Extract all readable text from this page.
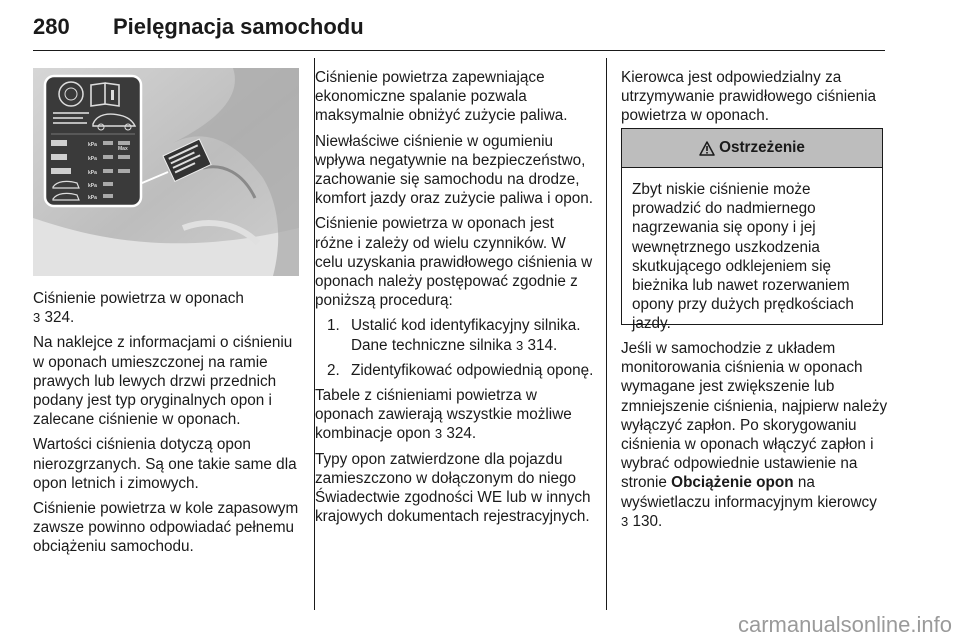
280 Pielęgnacja samochodu
kPa
kPa
kPa
kPa
kPa
Max

Ciśnienie powietrza w oponach
3 324.

Na naklejce z informacjami o ciśnieniu w oponach umieszczonej na ramie prawych lub lewych drzwi przednich podany jest typ oryginalnych opon i zalecane ciśnienie w oponach.

Wartości ciśnienia dotyczą opon nierozgrzanych. Są one takie same dla opon letnich i zimowych.

Ciśnienie powietrza w kole zapasowym zawsze powinno odpowiadać pełnemu obciążeniu samochodu.

Ciśnienie powietrza zapewniające ekonomiczne spalanie pozwala maksymalnie obniżyć zużycie paliwa.

Niewłaściwe ciśnienie w ogumieniu wpływa negatywnie na bezpieczeństwo, zachowanie się samochodu na drodze, komfort jazdy oraz zużycie paliwa i opon.

Ciśnienie powietrza w oponach jest różne i zależy od wielu czynników. W celu uzyskania prawidłowego ciśnienia w oponach należy postępować zgodnie z poniższą procedurą:

1. Ustalić kod identyfikacyjny silnika. Dane techniczne silnika 3 314.
2. Zidentyfikować odpowiednią oponę.

Tabele z ciśnieniami powietrza w oponach zawierają wszystkie możliwe kombinacje opon 3 324.

Typy opon zatwierdzone dla pojazdu zamieszczono w dołączonym do niego Świadectwie zgodności WE lub w innych krajowych dokumentach rejestracyjnych.

Kierowca jest odpowiedzialny za utrzymywanie prawidłowego ciśnienia powietrza w oponach.

Ostrzeżenie
Zbyt niskie ciśnienie może prowadzić do nadmiernego nagrzewania się opony i jej wewnętrznego uszkodzenia skutkującego odklejeniem się bieżnika lub nawet rozerwaniem opony przy dużych prędkościach jazdy.

Jeśli w samochodzie z układem monitorowania ciśnienia w oponach wymagane jest zwiększenie lub zmniejszenie ciśnienia, najpierw należy wyłączyć zapłon. Po skorygowaniu ciśnienia w oponach włączyć zapłon i wybrać odpowiednie ustawienie na stronie Obciążenie opon na wyświetlaczu informacyjnym kierowcy 3 130.

carmanualsonline.info
